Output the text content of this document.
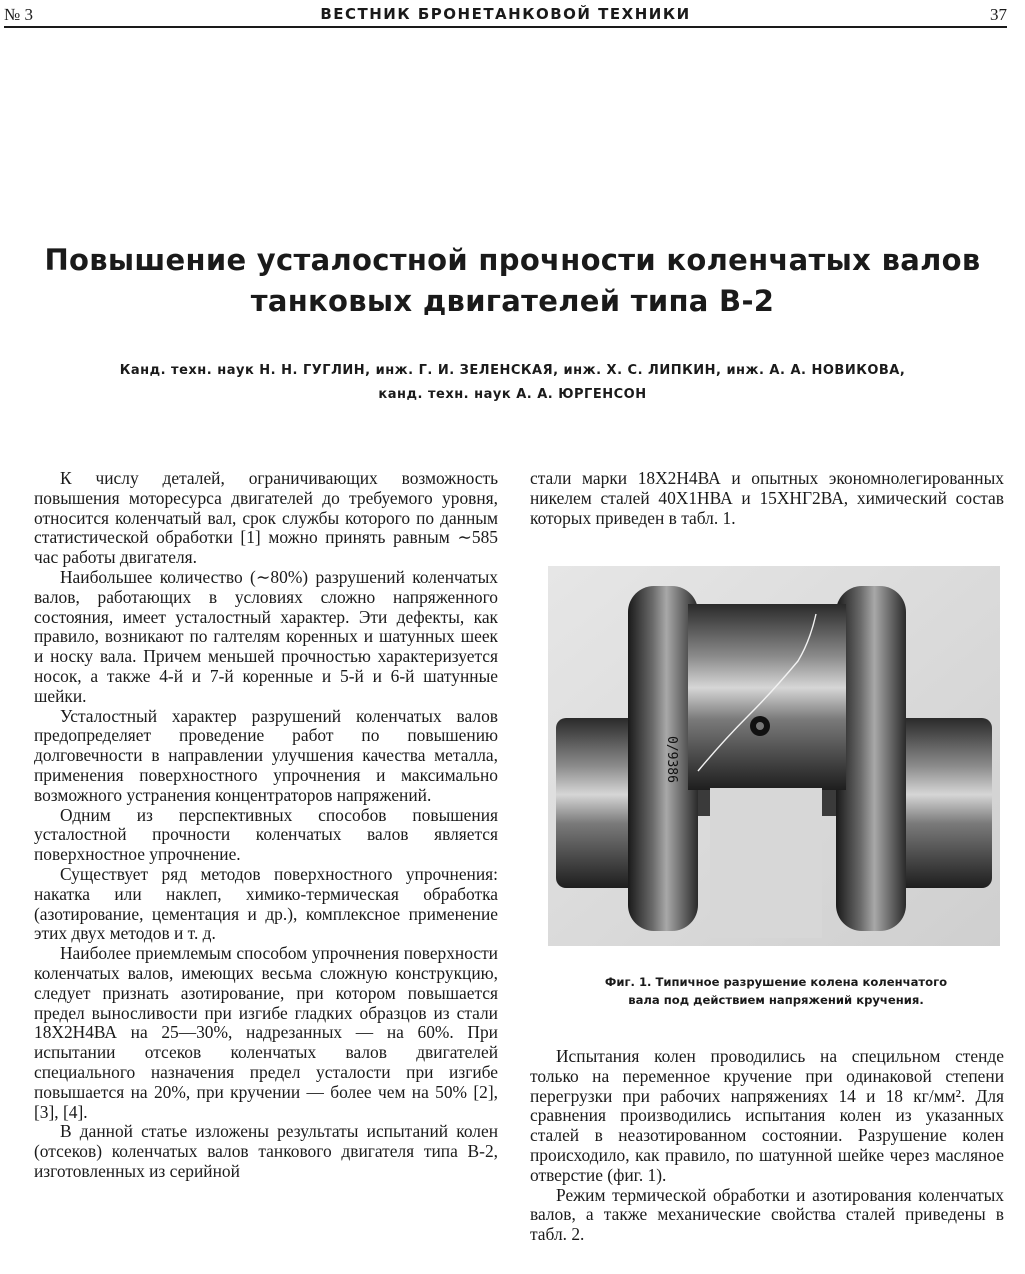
№ 3	ВЕСТНИК БРОНЕТАНКОВОЙ ТЕХНИКИ	37
Повышение усталостной прочности коленчатых валов
танковых двигателей типа В-2
Канд. техн. наук Н. Н. ГУГЛИН, инж. Г. И. ЗЕЛЕНСКАЯ, инж. Х. С. ЛИПКИН, инж. А. А. НОВИКОВА,
канд. техн. наук А. А. ЮРГЕНСОН

К числу деталей, ограничивающих возможность повышения моторесурса двигателей до требуемого уровня, относится коленчатый вал, срок службы которого по данным статистической обработки [1] можно принять равным ∼585 час работы двигателя.

Наибольшее количество (∼80%) разрушений коленчатых валов, работающих в условиях сложно напряженного состояния, имеет усталостный характер. Эти дефекты, как правило, возникают по галтелям коренных и шатунных шеек и носку вала. Причем меньшей прочностью характеризуется носок, а также 4-й и 7-й коренные и 5-й и 6-й шатунные шейки.

Усталостный характер разрушений коленчатых валов предопределяет проведение работ по повышению долговечности в направлении улучшения качества металла, применения поверхностного упрочнения и максимально возможного устранения концентраторов напряжений.

Одним из перспективных способов повышения усталостной прочности коленчатых валов является поверхностное упрочнение.

Существует ряд методов поверхностного упрочнения: накатка или наклеп, химико-термическая обработка (азотирование, цементация и др.), комплексное применение этих двух методов и т. д.

Наиболее приемлемым способом упрочнения поверхности коленчатых валов, имеющих весьма сложную конструкцию, следует признать азотирование, при котором повышается предел выносливости при изгибе гладких образцов из стали 18Х2Н4ВА на 25—30%, надрезанных — на 60%. При испытании отсеков коленчатых валов двигателей специального назначения предел усталости при изгибе повышается на 20%, при кручении — более чем на 50% [2], [3], [4].

В данной статье изложены результаты испытаний колен (отсеков) коленчатых валов танкового двигателя типа В-2, изготовленных из серийной

стали марки 18Х2Н4ВА и опытных экономнолегированных никелем сталей 40Х1НВА и 15ХНГ2ВА, химический состав которых приведен в табл. 1.

0/9386
Фиг. 1. Типичное разрушение колена коленчатого
вала под действием напряжений кручения.

Испытания колен проводились на специльном стенде только на переменное кручение при одинаковой степени перегрузки при рабочих напряжениях 14 и 18 кг/мм². Для сравнения производились испытания колен из указанных сталей в неазотированном состоянии. Разрушение колен происходило, как правило, по шатунной шейке через масляное отверстие (фиг. 1).

Режим термической обработки и азотирования коленчатых валов, а также механические свойства сталей приведены в табл. 2.
